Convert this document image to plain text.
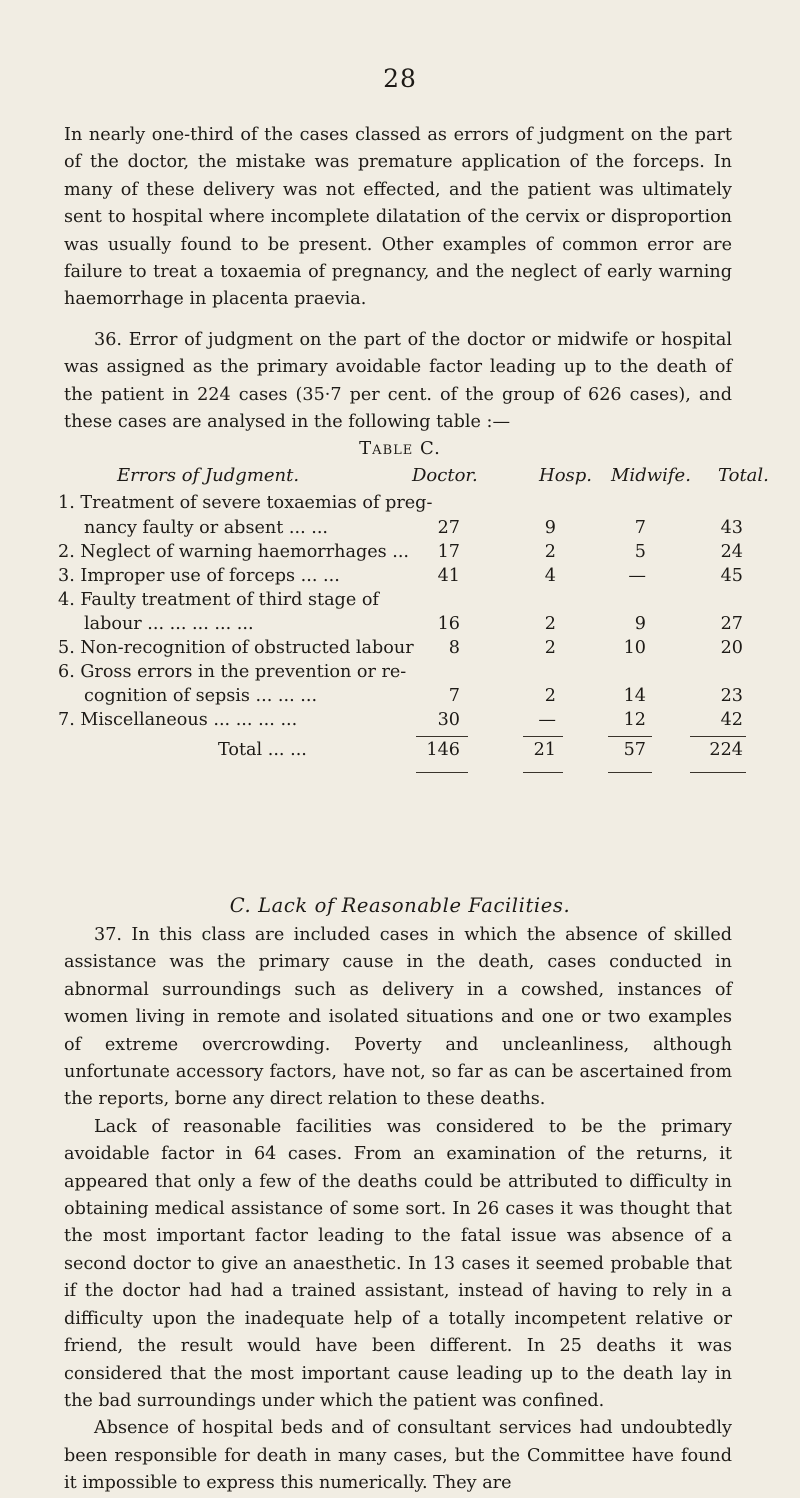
28

In nearly one-third of the cases classed as errors of judgment on the part of the doctor, the mistake was premature application of the forceps. In many of these delivery was not effected, and the patient was ultimately sent to hospital where incomplete dilatation of the cervix or disproportion was usually found to be present. Other examples of common error are failure to treat a toxaemia of pregnancy, and the neglect of early warning haemorrhage in placenta praevia.

36. Error of judgment on the part of the doctor or midwife or hospital was assigned as the primary avoidable factor leading up to the death of the patient in 224 cases (35·7 per cent. of the group of 626 cases), and these cases are analysed in the following table :—

Table C.
Errors of Judgment.	Doctor.	Hosp. Midwife. Total.
1. Treatment of severe toxaemias of preg-
nancy faulty or absent ... ...	27	9	7	43
2. Neglect of warning haemorrhages ...	17	2	5	24
3. Improper use of forceps ... ...	41	4	—	45
4. Faulty treatment of third stage of
labour ... ... ... ... ...	16	2	9	27
5. Non-recognition of obstructed labour	8	2	10	20
6. Gross errors in the prevention or re-
cognition of sepsis ... ... ...	7	2	14	23
7. Miscellaneous ... ... ... ...	30	—	12	42
Total ... ...	146	21	57	224
C. Lack of Reasonable Facilities.

37. In this class are included cases in which the absence of skilled assistance was the primary cause in the death, cases conducted in abnormal surroundings such as delivery in a cowshed, instances of women living in remote and isolated situations and one or two examples of extreme overcrowding. Poverty and uncleanliness, although unfortunate accessory factors, have not, so far as can be ascertained from the reports, borne any direct relation to these deaths.

Lack of reasonable facilities was considered to be the primary avoidable factor in 64 cases. From an examination of the returns, it appeared that only a few of the deaths could be attributed to difficulty in obtaining medical assistance of some sort. In 26 cases it was thought that the most important factor leading to the fatal issue was absence of a second doctor to give an anaesthetic. In 13 cases it seemed probable that if the doctor had had a trained assistant, instead of having to rely in a difficulty upon the inadequate help of a totally incompetent relative or friend, the result would have been different. In 25 deaths it was considered that the most important cause leading up to the death lay in the bad surroundings under which the patient was confined.

Absence of hospital beds and of consultant services had undoubtedly been responsible for death in many cases, but the Committee have found it impossible to express this numerically. They are
